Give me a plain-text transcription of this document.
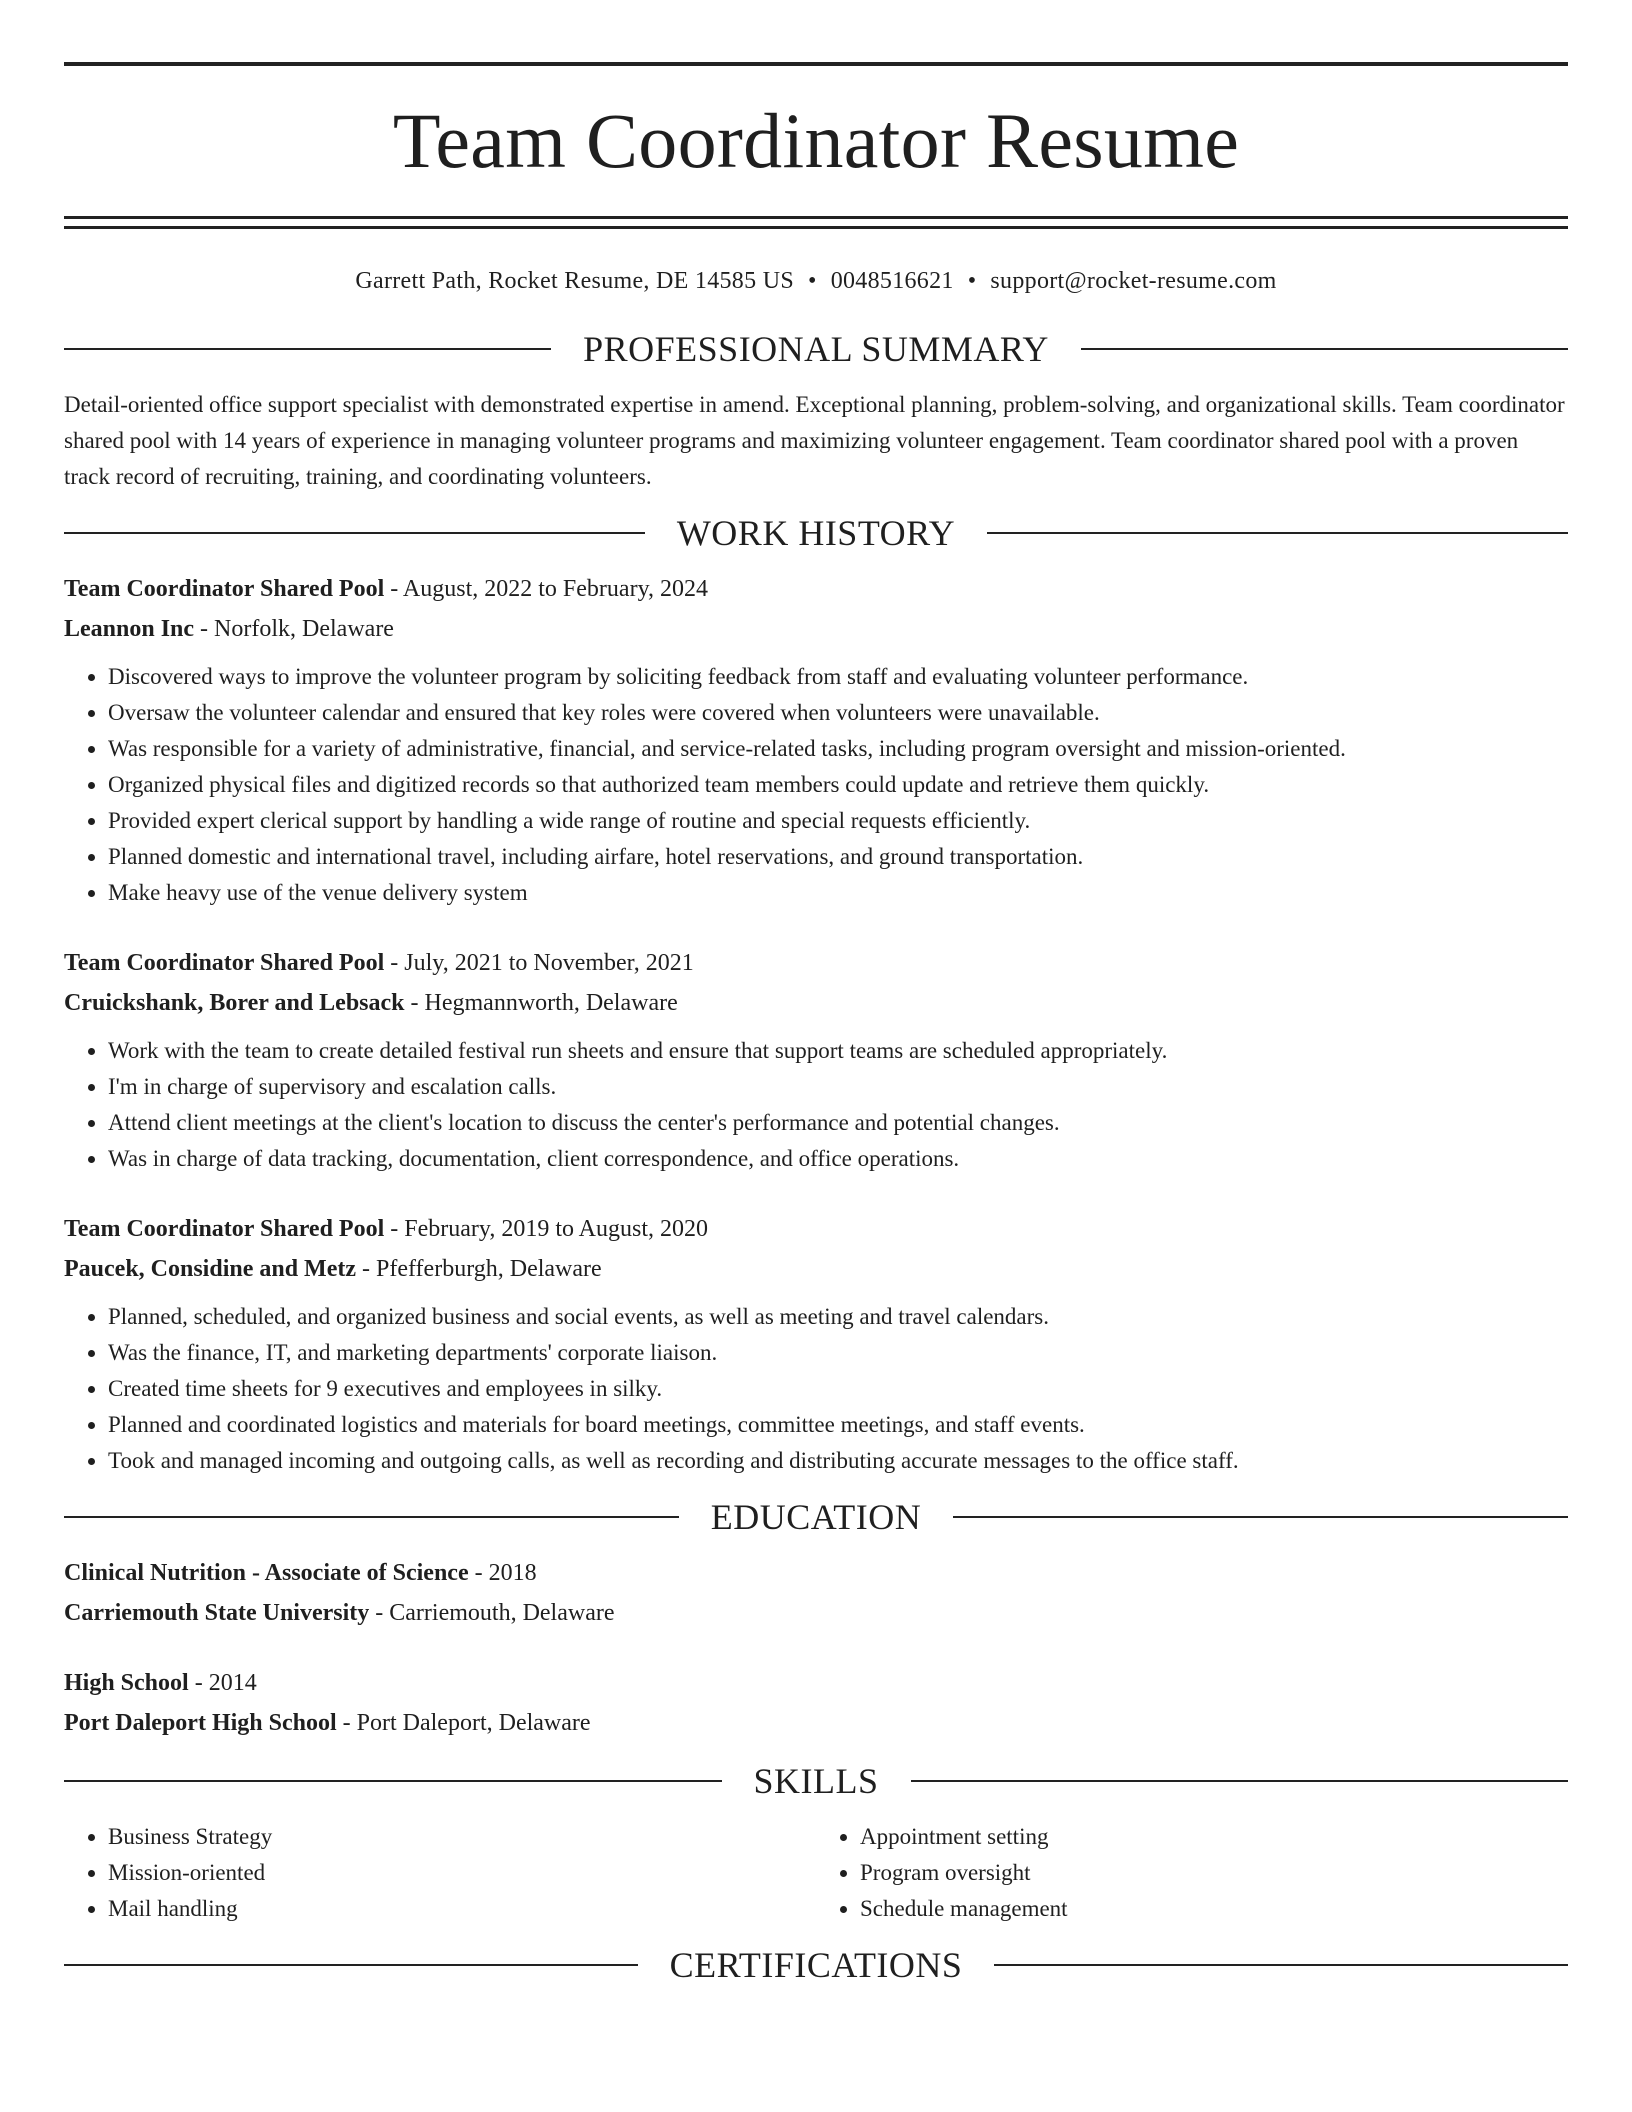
Team Coordinator Resume
Garrett Path, Rocket Resume, DE 14585 US • 0048516621 • support@rocket-resume.com
PROFESSIONAL SUMMARY
Detail-oriented office support specialist with demonstrated expertise in amend. Exceptional planning, problem-solving, and organizational skills. Team coordinator shared pool with 14 years of experience in managing volunteer programs and maximizing volunteer engagement. Team coordinator shared pool with a proven track record of recruiting, training, and coordinating volunteers.
WORK HISTORY
Team Coordinator Shared Pool - August, 2022 to February, 2024
Leannon Inc - Norfolk, Delaware
• Discovered ways to improve the volunteer program by soliciting feedback from staff and evaluating volunteer performance.
• Oversaw the volunteer calendar and ensured that key roles were covered when volunteers were unavailable.
• Was responsible for a variety of administrative, financial, and service-related tasks, including program oversight and mission-oriented.
• Organized physical files and digitized records so that authorized team members could update and retrieve them quickly.
• Provided expert clerical support by handling a wide range of routine and special requests efficiently.
• Planned domestic and international travel, including airfare, hotel reservations, and ground transportation.
• Make heavy use of the venue delivery system
Team Coordinator Shared Pool - July, 2021 to November, 2021
Cruickshank, Borer and Lebsack - Hegmannworth, Delaware
• Work with the team to create detailed festival run sheets and ensure that support teams are scheduled appropriately.
• I'm in charge of supervisory and escalation calls.
• Attend client meetings at the client's location to discuss the center's performance and potential changes.
• Was in charge of data tracking, documentation, client correspondence, and office operations.
Team Coordinator Shared Pool - February, 2019 to August, 2020
Paucek, Considine and Metz - Pfefferburgh, Delaware
• Planned, scheduled, and organized business and social events, as well as meeting and travel calendars.
• Was the finance, IT, and marketing departments' corporate liaison.
• Created time sheets for 9 executives and employees in silky.
• Planned and coordinated logistics and materials for board meetings, committee meetings, and staff events.
• Took and managed incoming and outgoing calls, as well as recording and distributing accurate messages to the office staff.
EDUCATION
Clinical Nutrition - Associate of Science - 2018
Carriemouth State University - Carriemouth, Delaware
High School - 2014
Port Daleport High School - Port Daleport, Delaware
SKILLS
• Business Strategy
• Mission-oriented
• Mail handling
• Appointment setting
• Program oversight
• Schedule management
CERTIFICATIONS
